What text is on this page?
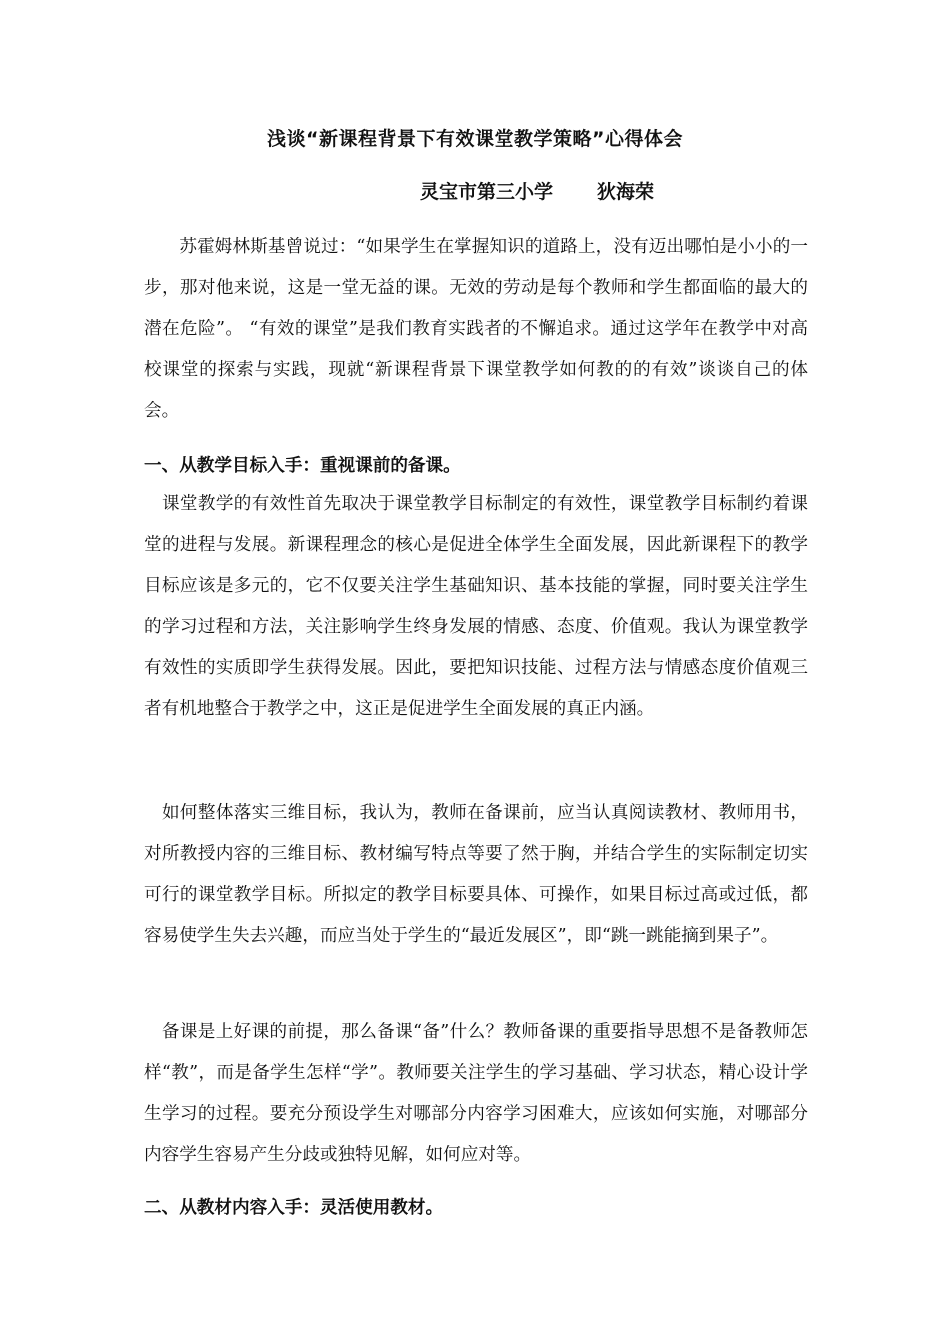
浅谈“新课程背景下有效课堂教学策略”心得体会
灵宝市第三小学 狄海荣

　　苏霍姆林斯基曾说过：“如果学生在掌握知识的道路上，没有迈出哪怕是小小的一步，那对他来说，这是一堂无益的课。无效的劳动是每个教师和学生都面临的最大的潜在危险”。 “有效的课堂”是我们教育实践者的不懈追求。通过这学年在教学中对高校课堂的探索与实践，现就“新课程背景下课堂教学如何教的的有效”谈谈自己的体会。

一、从教学目标入手：重视课前的备课。

　课堂教学的有效性首先取决于课堂教学目标制定的有效性，课堂教学目标制约着课堂的进程与发展。新课程理念的核心是促进全体学生全面发展，因此新课程下的教学目标应该是多元的，它不仅要关注学生基础知识、基本技能的掌握，同时要关注学生的学习过程和方法，关注影响学生终身发展的情感、态度、价值观。我认为课堂教学有效性的实质即学生获得发展。因此，要把知识技能、过程方法与情感态度价值观三者有机地整合于教学之中，这正是促进学生全面发展的真正内涵。

　如何整体落实三维目标，我认为，教师在备课前，应当认真阅读教材、教师用书，对所教授内容的三维目标、教材编写特点等要了然于胸，并结合学生的实际制定切实可行的课堂教学目标。所拟定的教学目标要具体、可操作，如果目标过高或过低，都容易使学生失去兴趣，而应当处于学生的“最近发展区”，即“跳一跳能摘到果子”。

　备课是上好课的前提，那么备课“备”什么？教师备课的重要指导思想不是备教师怎样“教”，而是备学生怎样“学”。教师要关注学生的学习基础、学习状态，精心设计学生学习的过程。要充分预设学生对哪部分内容学习困难大，应该如何实施，对哪部分内容学生容易产生分歧或独特见解，如何应对等。

二、从教材内容入手：灵活使用教材。
